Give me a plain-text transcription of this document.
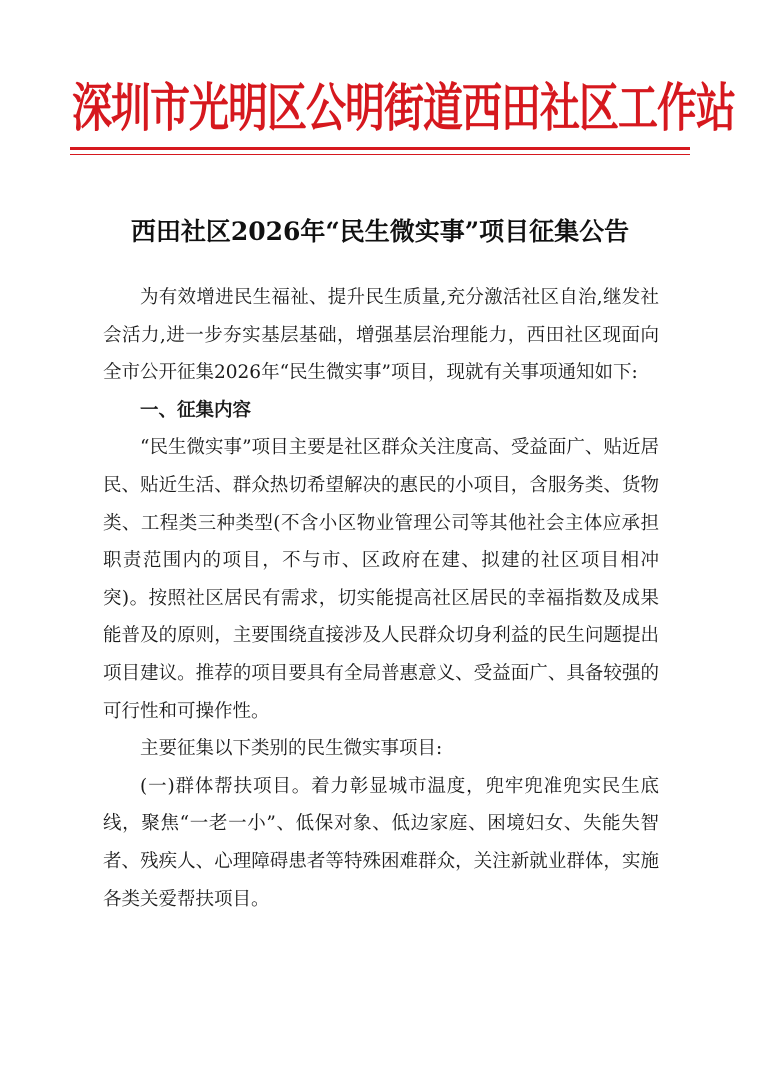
深圳市光明区公明街道西田社区工作站
西田社区2026年“民生微实事”项目征集公告

为有效增进民生福祉、提升民生质量,充分激活社区自治,继发社会活力,进一步夯实基层基础，增强基层治理能力，西田社区现面向全市公开征集2026年“民生微实事”项目，现就有关事项通知如下:

一、征集内容

“民生微实事”项目主要是社区群众关注度高、受益面广、贴近居民、贴近生活、群众热切希望解决的惠民的小项目，含服务类、货物类、工程类三种类型(不含小区物业管理公司等其他社会主体应承担职责范围内的项目，不与市、区政府在建、拟建的社区项目相冲突)。按照社区居民有需求，切实能提高社区居民的幸福指数及成果能普及的原则，主要围绕直接涉及人民群众切身利益的民生问题提出项目建议。推荐的项目要具有全局普惠意义、受益面广、具备较强的可行性和可操作性。

主要征集以下类别的民生微实事项目:

(一)群体帮扶项目。着力彰显城市温度，兜牢兜准兜实民生底线，聚焦“一老一小”、低保对象、低边家庭、困境妇女、失能失智者、残疾人、心理障碍患者等特殊困难群众，关注新就业群体，实施各类关爱帮扶项目。
